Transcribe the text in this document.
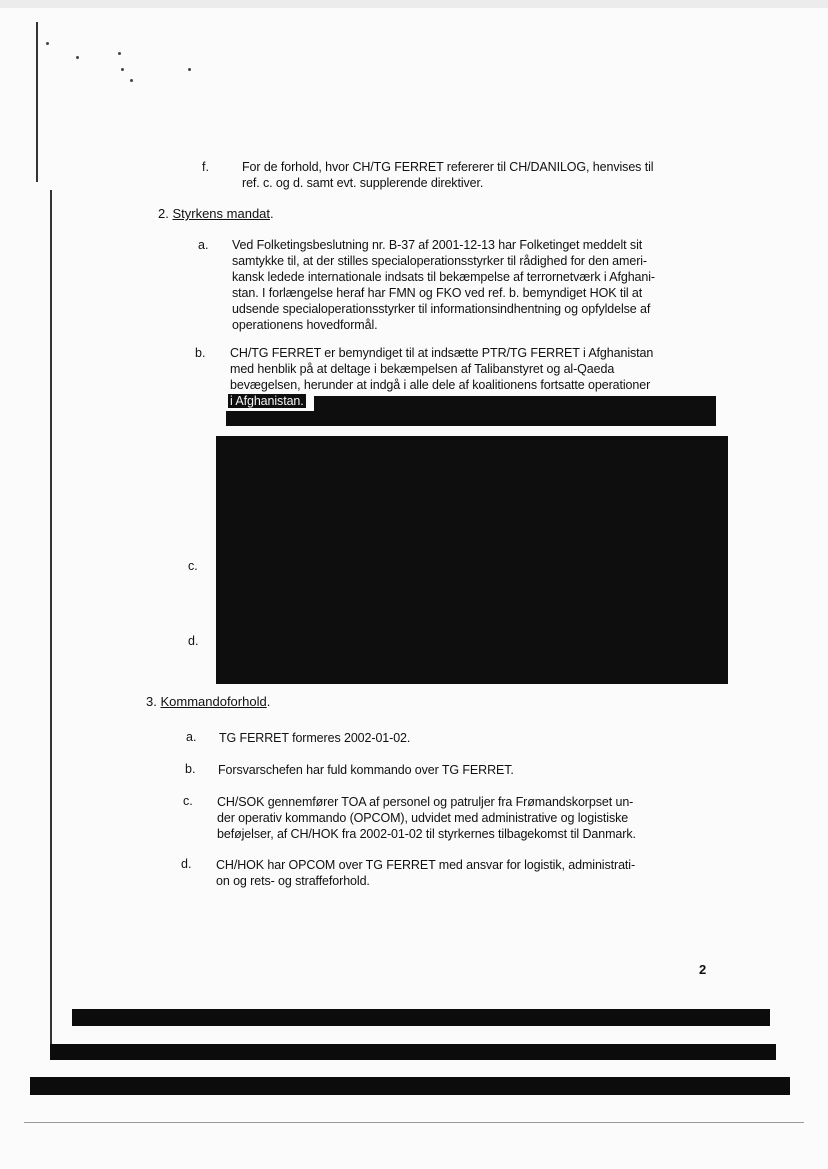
f.	For de forhold, hvor CH/TG FERRET refererer til CH/DANILOG, henvises til
ref. c. og d. samt evt. supplerende direktiver.
2. Styrkens mandat.
a. Ved Folketingsbeslutning nr. B-37 af 2001-12-13 har Folketinget meddelt sit
samtykke til, at der stilles specialoperationsstyrker til rådighed for den ameri-
kansk ledede internationale indsats til bekæmpelse af terrornetværk i Afghani-
stan. I forlængelse heraf har FMN og FKO ved ref. b. bemyndiget HOK til at
udsende specialoperationsstyrker til informationsindhentning og opfyldelse af
operationens hovedformål.
b. CH/TG FERRET er bemyndiget til at indsætte PTR/TG FERRET i Afghanistan
med henblik på at deltage i bekæmpelsen af Talibanstyret og al-Qaeda
bevægelsen, herunder at indgå i alle dele af koalitionens fortsatte operationer
i Afghanistan.
c.
d.
3. Kommandoforhold.
a. TG FERRET formeres 2002-01-02.
b. Forsvarschefen har fuld kommando over TG FERRET.
c. CH/SOK gennemfører TOA af personel og patruljer fra Frømandskorpset un-
der operativ kommando (OPCOM), udvidet med administrative og logistiske
beføjelser, af CH/HOK fra 2002-01-02 til styrkernes tilbagekomst til Danmark.
d. CH/HOK har OPCOM over TG FERRET med ansvar for logistik, administrati-
on og rets- og straffeforhold.
2
